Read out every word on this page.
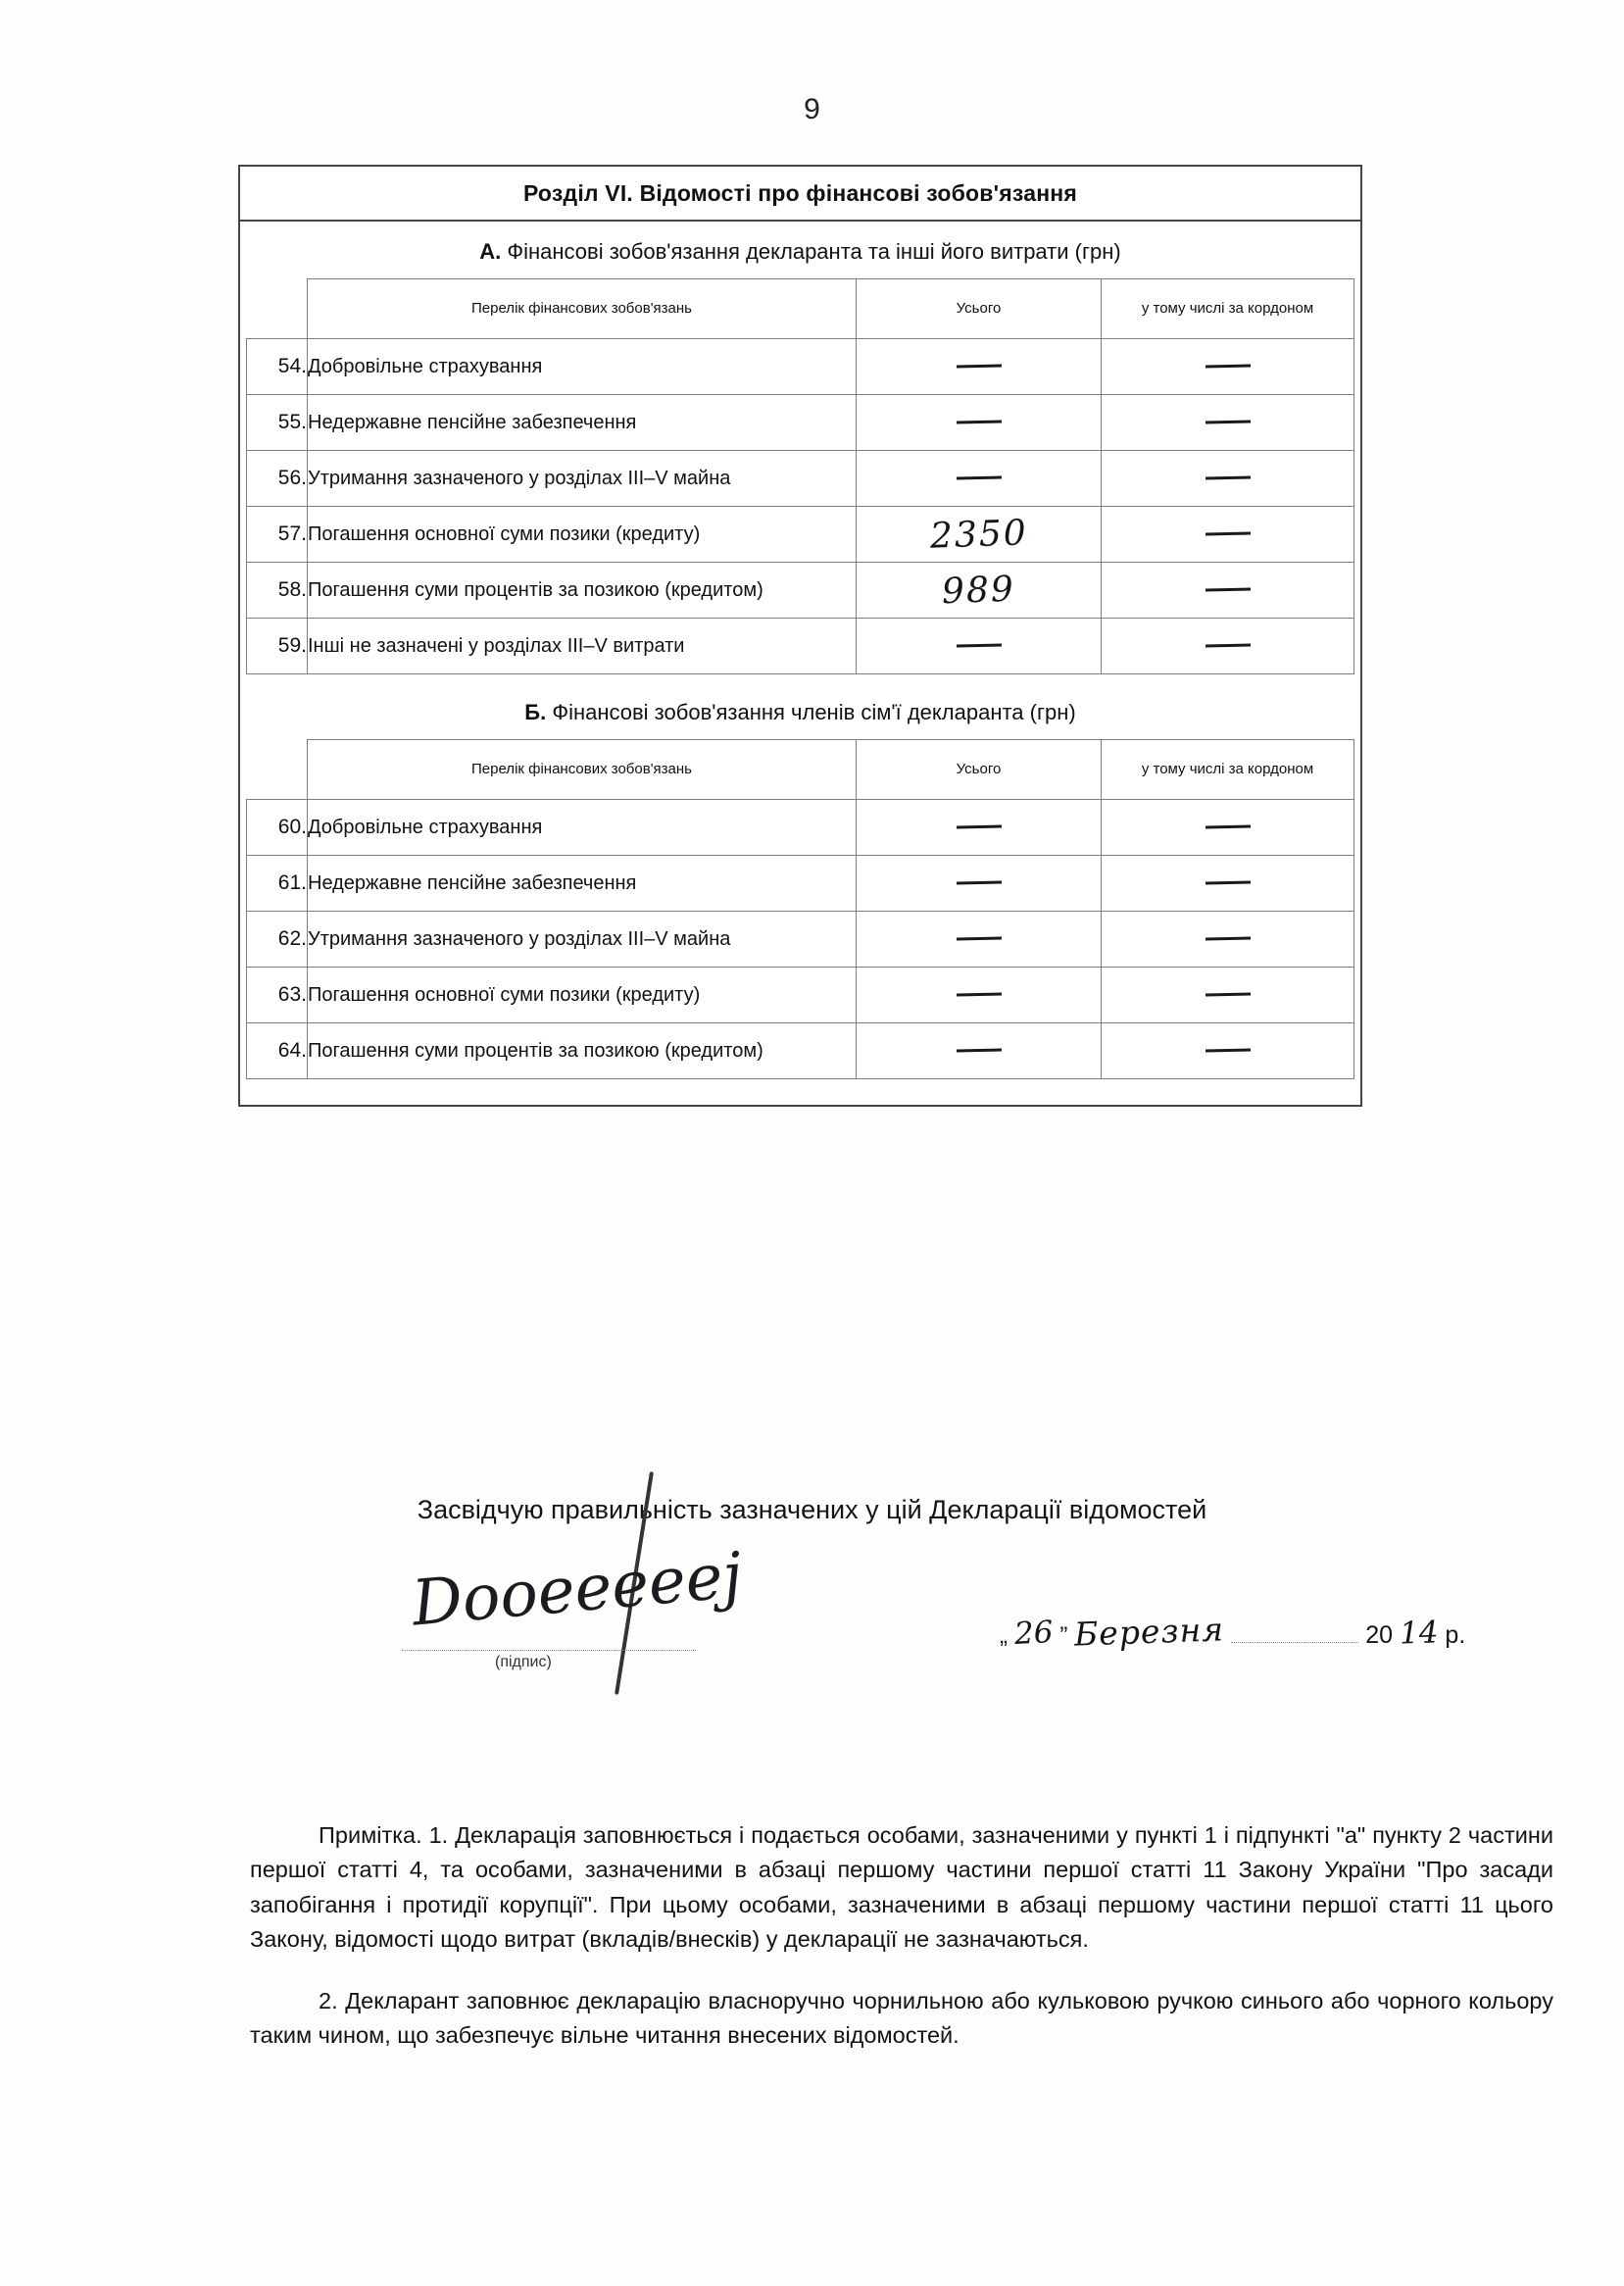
9
Розділ VI. Відомості про фінансові зобов'язання
А. Фінансові зобов'язання декларанта та інші його витрати (грн)
	Перелік фінансових зобов'язань	Усього	у тому числі за кордоном
54.	Добровільне страхування		
55.	Недержавне пенсійне забезпечення		
56.	Утримання зазначеного у розділах III–V майна		
57.	Погашення основної суми позики (кредиту)	2350	
58.	Погашення суми процентів за позикою (кредитом)	989	
59.	Інші не зазначені у розділах III–V витрати		
Б. Фінансові зобов'язання членів сім'ї декларанта (грн)
	Перелік фінансових зобов'язань	Усього	у тому числі за кордоном
60.	Добровільне страхування		
61.	Недержавне пенсійне забезпечення		
62.	Утримання зазначеного у розділах III–V майна		
63.	Погашення основної суми позики (кредиту)		
64.	Погашення суми процентів за позикою (кредитом)		
Засвідчую правильність зазначених у цій Декларації відомостей
Dooeeeeej
(підпис)
„ 26 ” Березня	20 14 р.

Примітка. 1. Декларація заповнюється і подається особами, зазначеними у пункті 1 і підпункті "а" пункту 2 частини першої статті 4, та особами, зазначеними в абзаці першому частини першої статті 11 Закону України "Про засади запобігання і протидії корупції". При цьому особами, зазначеними в абзаці першому частини першої статті 11 цього Закону, відомості щодо витрат (вкладів/внесків) у декларації не зазначаються.

2. Декларант заповнює декларацію власноручно чорнильною або кульковою ручкою синього або чорного кольору таким чином, що забезпечує вільне читання внесених відомостей.
